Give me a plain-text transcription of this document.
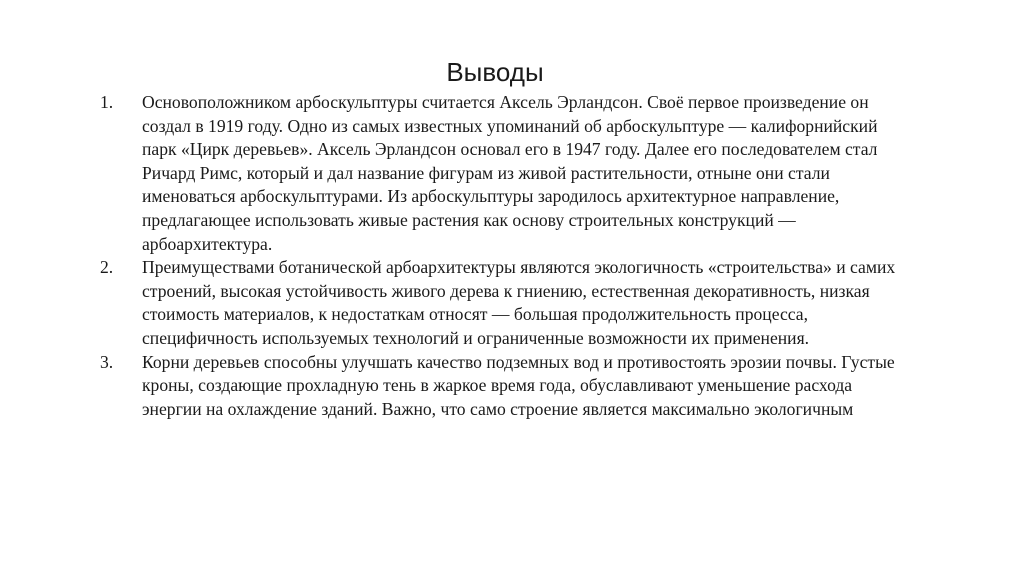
Выводы
1.	Основоположником арбоскульптуры считается Аксель Эрландсон. Своё первое произведение он создал в 1919 году. Одно из самых известных упоминаний об арбоскульптуре — калифорнийский парк «Цирк деревьев». Аксель Эрландсон основал его в 1947 году. Далее его последователем стал Ричард Римс, который и дал название фигурам из живой растительности, отныне они стали именоваться арбоскульптурами. Из арбоскульптуры зародилось архитектурное направление, предлагающее использовать живые растения как основу строительных конструкций — арбоархитектура.
2.	Преимуществами ботанической арбоархитектуры являются экологичность «строительства» и самих строений, высокая устойчивость живого дерева к гниению, естественная декоративность, низкая стоимость материалов, к недостаткам относят — большая продолжительность процесса, специфичность используемых технологий и ограниченные возможности их применения.
3.	Корни деревьев способны улучшать качество подземных вод и противостоять эрозии почвы. Густые кроны, создающие прохладную тень в жаркое время года, обуславливают уменьшение расхода энергии на охлаждение зданий. Важно, что само строение является максимально экологичным
